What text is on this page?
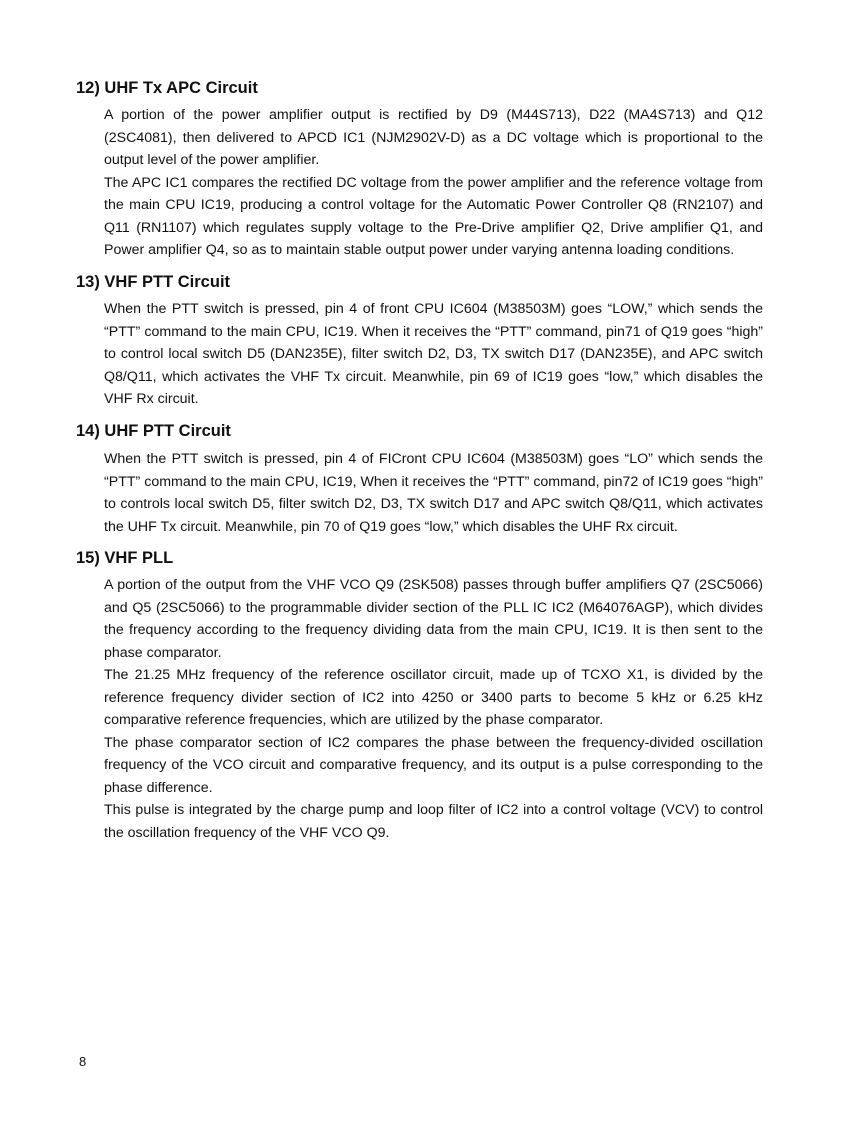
12) UHF Tx APC Circuit

A portion of the power amplifier output is rectified by D9 (M44S713), D22 (MA4S713) and Q12 (2SC4081), then delivered to APCD IC1 (NJM2902V-D) as a DC voltage which is proportional to the output level of the power amplifier.

The APC IC1 compares the rectified DC voltage from the power amplifier and the reference voltage from the main CPU IC19, producing a control voltage for the Automatic Power Controller Q8 (RN2107) and Q11 (RN1107) which regulates supply voltage to the Pre-Drive amplifier Q2, Drive amplifier Q1, and Power amplifier Q4, so as to maintain stable output power under varying antenna loading conditions.

13) VHF PTT Circuit

When the PTT switch is pressed, pin 4 of front CPU IC604 (M38503M) goes “LOW,” which sends the “PTT” command to the main CPU, IC19. When it receives the “PTT” command, pin71 of Q19 goes “high” to control local switch D5 (DAN235E), filter switch D2, D3, TX switch D17 (DAN235E), and APC switch Q8/Q11, which activates the VHF Tx circuit. Meanwhile, pin 69 of IC19 goes “low,” which disables the VHF Rx circuit.

14) UHF PTT Circuit

When the PTT switch is pressed, pin 4 of FICront CPU IC604 (M38503M) goes “LO” which sends the “PTT” command to the main CPU, IC19, When it receives the “PTT” command, pin72 of IC19 goes “high” to controls local switch D5, filter switch D2, D3, TX switch D17 and APC switch Q8/Q11, which activates the UHF Tx circuit. Meanwhile, pin 70 of Q19 goes “low,” which disables the UHF Rx circuit.

15) VHF PLL

A portion of the output from the VHF VCO Q9 (2SK508) passes through buffer amplifiers Q7 (2SC5066) and Q5 (2SC5066) to the programmable divider section of the PLL IC IC2 (M64076AGP), which divides the frequency according to the frequency dividing data from the main CPU, IC19. It is then sent to the phase comparator.

The 21.25 MHz frequency of the reference oscillator circuit, made up of TCXO X1, is divided by the reference frequency divider section of IC2 into 4250 or 3400 parts to become 5 kHz or 6.25 kHz comparative reference frequencies, which are utilized by the phase comparator.

The phase comparator section of IC2 compares the phase between the frequency-divided oscillation frequency of the VCO circuit and comparative frequency, and its output is a pulse corresponding to the phase difference.

This pulse is integrated by the charge pump and loop filter of IC2 into a control voltage (VCV) to control the oscillation frequency of the VHF VCO Q9.

8
